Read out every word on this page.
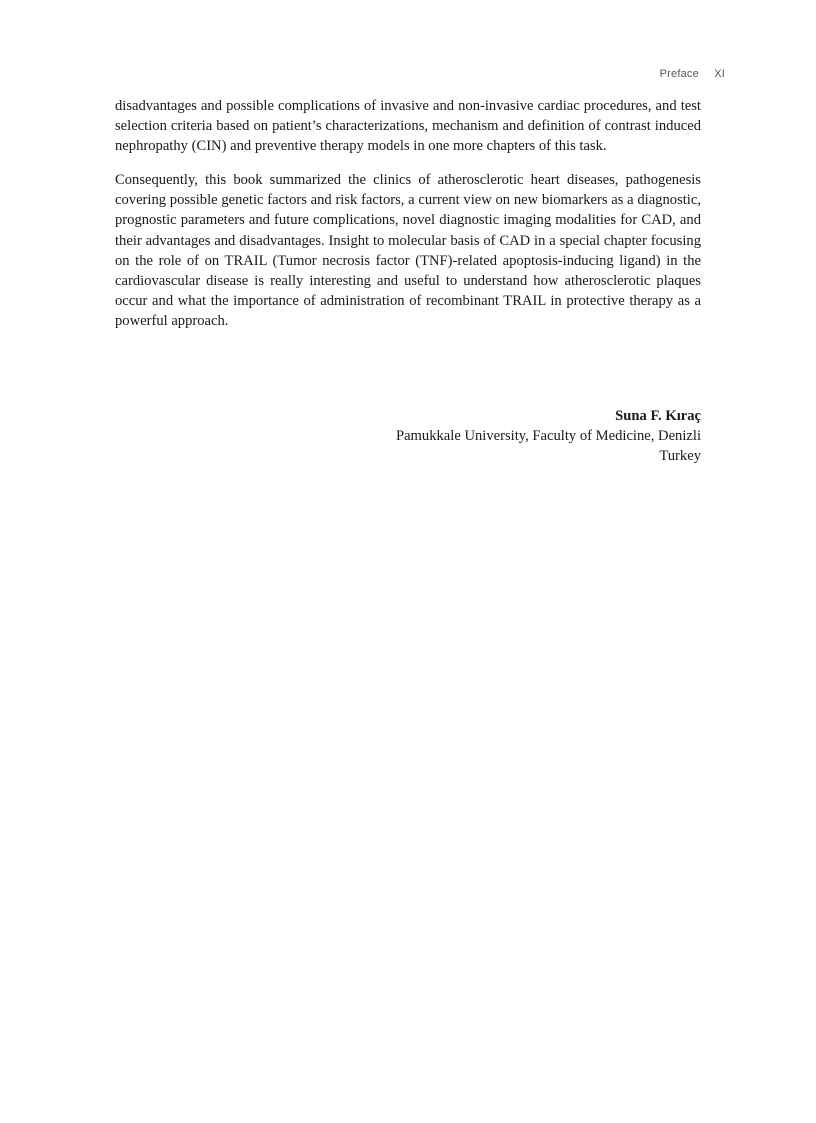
Preface XI

disadvantages and possible complications of invasive and non-invasive cardiac procedures, and test selection criteria based on patient’s characterizations, mechanism and definition of contrast induced nephropathy (CIN) and preventive therapy models in one more chapters of this task.

Consequently, this book summarized the clinics of atherosclerotic heart diseases, pathogenesis covering possible genetic factors and risk factors, a current view on new biomarkers as a diagnostic, prognostic parameters and future complications, novel diagnostic imaging modalities for CAD, and their advantages and disadvantages. Insight to molecular basis of CAD in a special chapter focusing on the role of on TRAIL (Tumor necrosis factor (TNF)-related apoptosis-inducing ligand) in the cardiovascular disease is really interesting and useful to understand how atherosclerotic plaques occur and what the importance of administration of recombinant TRAIL in protective therapy as a powerful approach.

Suna F. Kıraç
Pamukkale University, Faculty of Medicine, Denizli
Turkey
